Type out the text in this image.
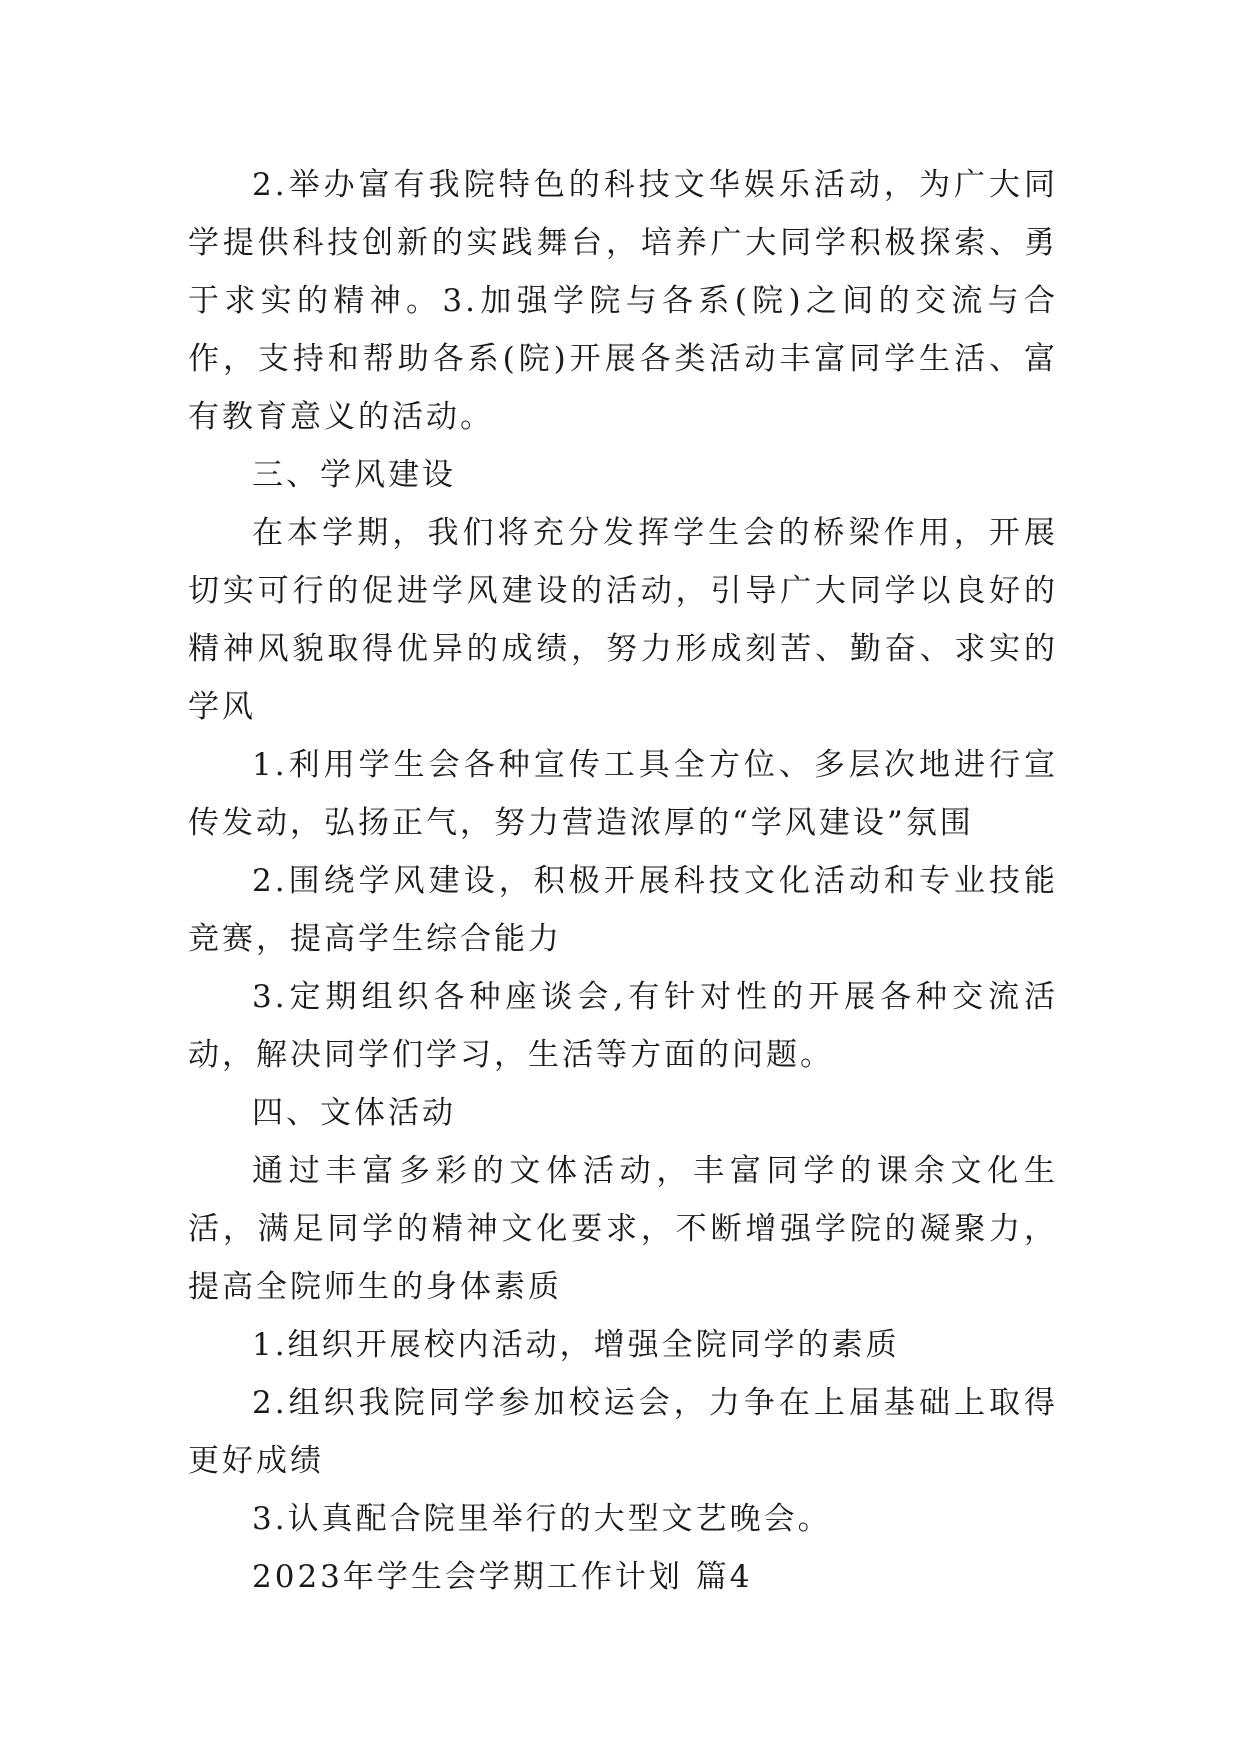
2.举办富有我院特色的科技文华娱乐活动，为广大同学提供科技创新的实践舞台，培养广大同学积极探索、勇于求实的精神。3.加强学院与各系(院)之间的交流与合作，支持和帮助各系(院)开展各类活动丰富同学生活、富有教育意义的活动。

三、学风建设

在本学期，我们将充分发挥学生会的桥梁作用，开展切实可行的促进学风建设的活动，引导广大同学以良好的精神风貌取得优异的成绩，努力形成刻苦、勤奋、求实的学风

1.利用学生会各种宣传工具全方位、多层次地进行宣传发动，弘扬正气，努力营造浓厚的“学风建设”氛围

2.围绕学风建设，积极开展科技文化活动和专业技能竞赛，提高学生综合能力

3.定期组织各种座谈会,有针对性的开展各种交流活动，解决同学们学习，生活等方面的问题。

四、文体活动

通过丰富多彩的文体活动，丰富同学的课余文化生活，满足同学的精神文化要求，不断增强学院的凝聚力，提高全院师生的身体素质

1.组织开展校内活动，增强全院同学的素质

2.组织我院同学参加校运会，力争在上届基础上取得更好成绩

3.认真配合院里举行的大型文艺晚会。

2023年学生会学期工作计划 篇4
